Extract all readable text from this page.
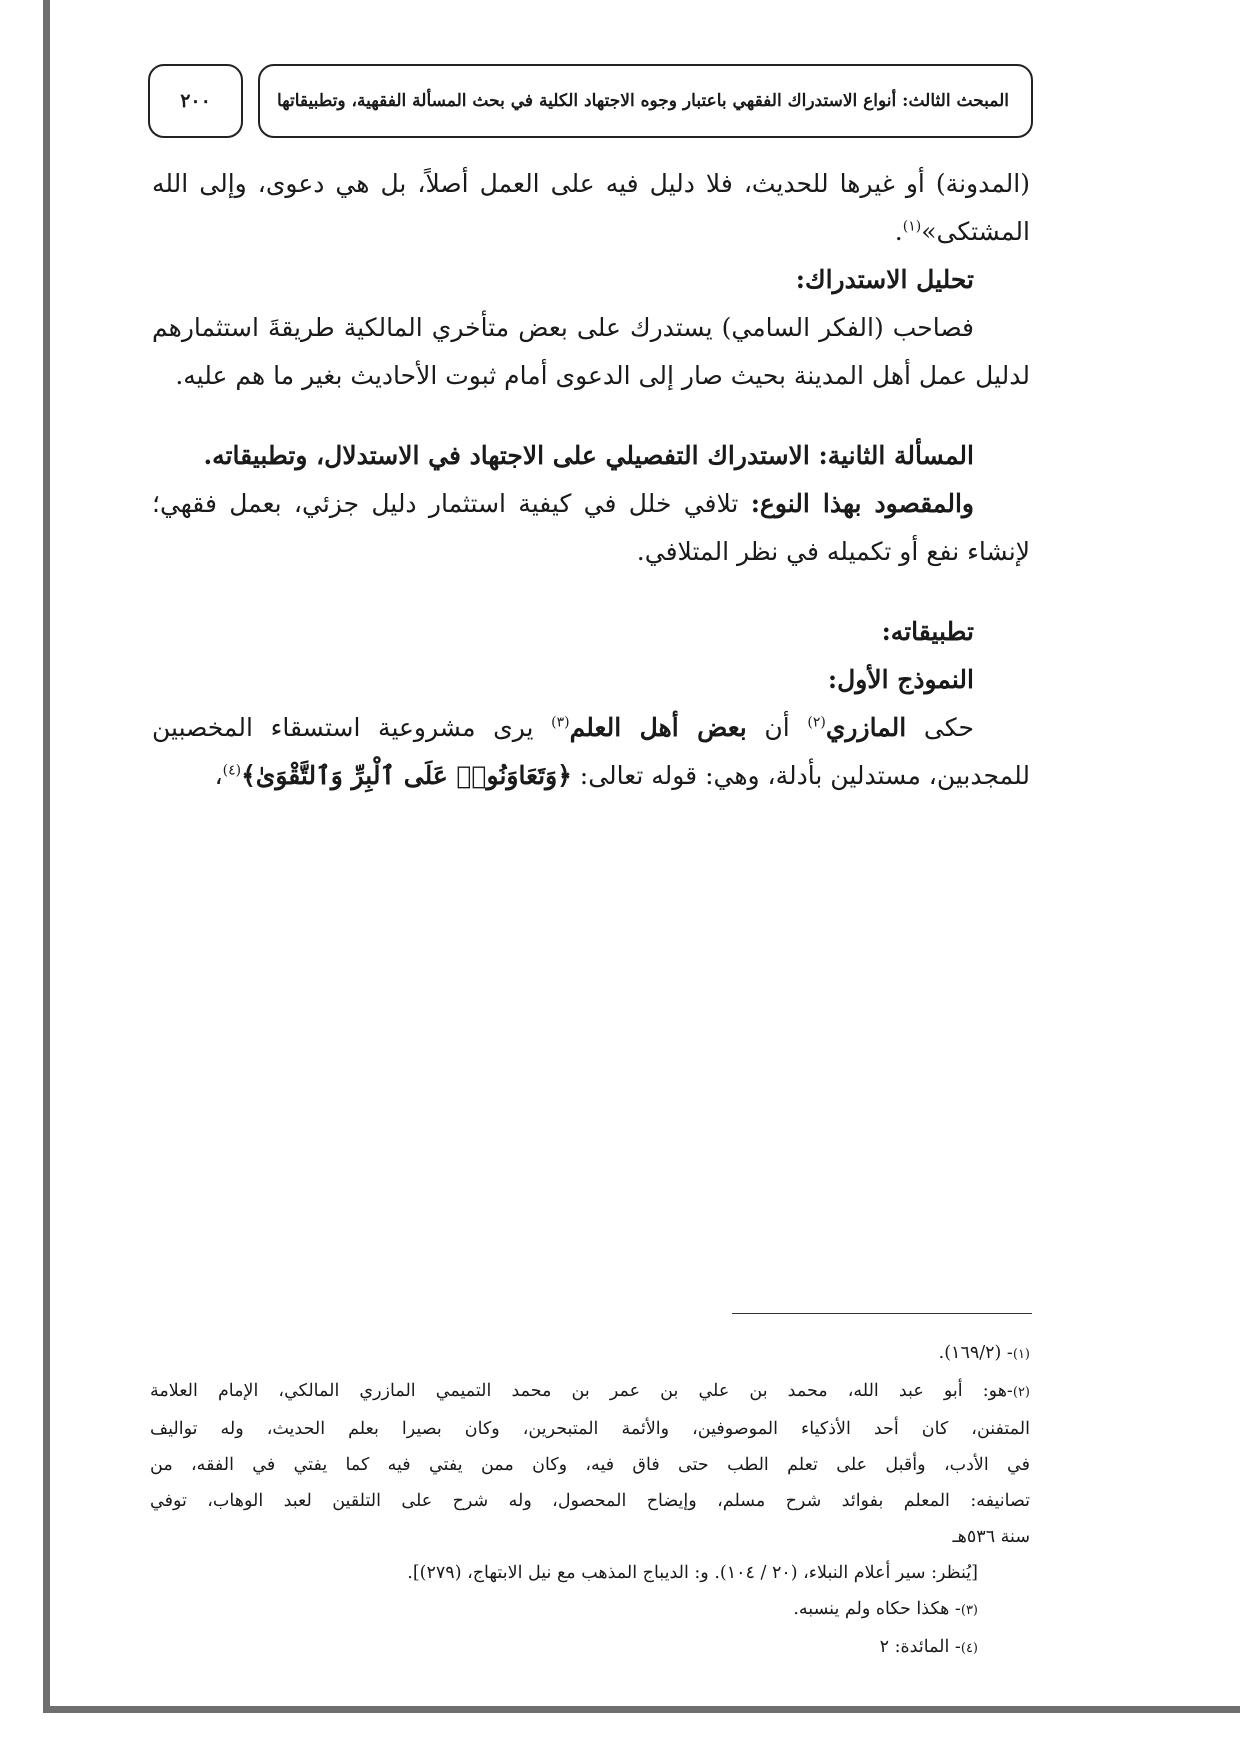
المبحث الثالث: أنواع الاستدراك الفقهي باعتبار وجوه الاجتهاد الكلية في بحث المسألة الفقهية، وتطبيقاتها
٢٠٠
(المدونة) أو غيرها للحديث، فلا دليل فيه على العمل أصلاً، بل هي دعوى، وإلى الله
المشتكى»$^{(١)}$.
تحليل الاستدراك:
فصاحب (الفكر السامي) يستدرك على بعض متأخري المالكية طريقةَ استثمارهم
لدليل عمل أهل المدينة بحيث صار إلى الدعوى أمام ثبوت الأحاديث بغير ما هم عليه.
المسألة الثانية: الاستدراك التفصيلي على الاجتهاد في الاستدلال، وتطبيقاته.
والمقصود بهذا النوع: تلافي خلل في كيفية استثمار دليل جزئي، بعمل فقهي؛
لإنشاء نفع أو تكميله في نظر المتلافي.
تطبيقاته:
النموذج الأول:
حكى المازري$^{(٢)}$ أن بعض أهل العلم$^{(٣)}$ يرى مشروعية استسقاء المخصبين
للمجدبين، مستدلين بأدلة، وهي: قوله تعالى: ﴿وَتَعَاوَنُوا۟ عَلَى ٱلْبِرِّ وَٱلتَّقْوَىٰ﴾$^{(٤)}$،
(١)- (١٦٩/٢).
(٢)-هو: أبو عبد الله، محمد بن علي بن عمر بن محمد التميمي المازري المالكي، الإمام العلامة
المتفنن، كان أحد الأذكياء الموصوفين، والأئمة المتبحرين، وكان بصيرا بعلم الحديث، وله تواليف
في الأدب، وأقبل على تعلم الطب حتى فاق فيه، وكان ممن يفتي فيه كما يفتي في الفقه، من
تصانيفه: المعلم بفوائد شرح مسلم، وإيضاح المحصول، وله شرح على التلقين لعبد الوهاب، توفي
سنة ٥٣٦هـ
[يُنظر: سير أعلام النبلاء، (٢٠ / ١٠٤). و: الديباج المذهب مع نيل الابتهاج، (٢٧٩)].
(٣)- هكذا حكاه ولم ينسبه.
(٤)- المائدة: ٢
